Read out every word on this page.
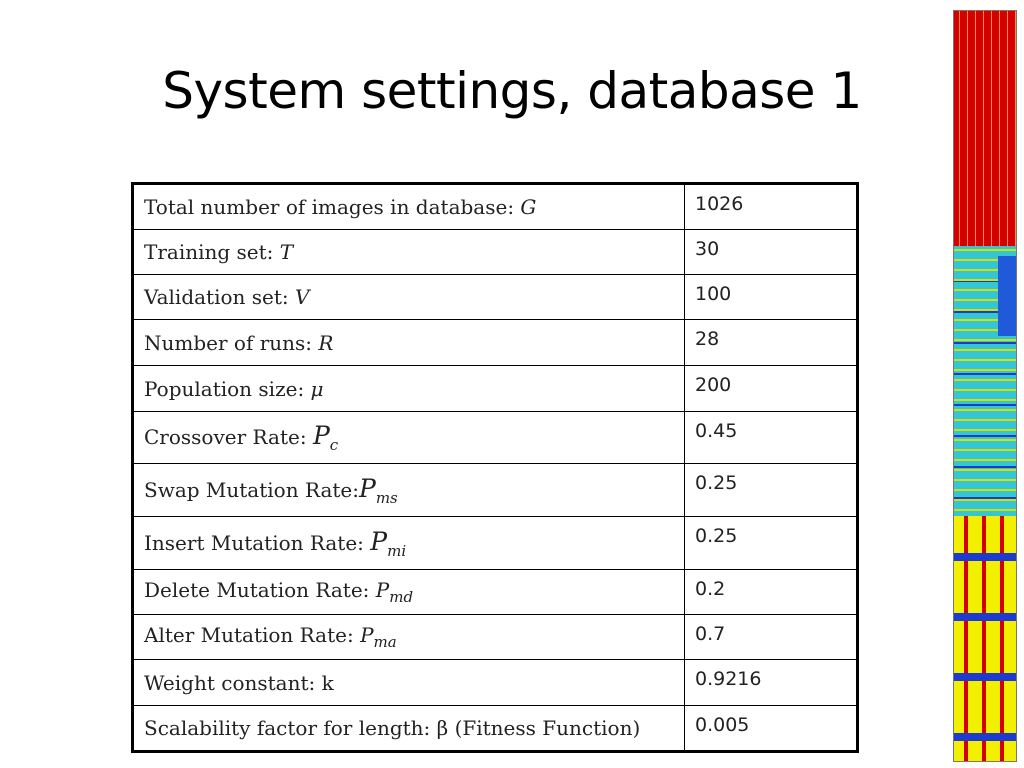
System settings, database 1
Total number of images in database: G	1026
Training set: T	30
Validation set: V	100
Number of runs: R	28
Population size: μ	200
Crossover Rate: $P_c$	0.45
Swap Mutation $Rate:P_{ms}$	0.25
Insert Mutation Rate: $P_{mi}$	0.25
Delete Mutation Rate: $P_{md}$	0.2
Alter Mutation Rate: $P_{ma}$	0.7
Weight constant: k	0.9216
Scalability factor for length: β (Fitness Function)	0.005
